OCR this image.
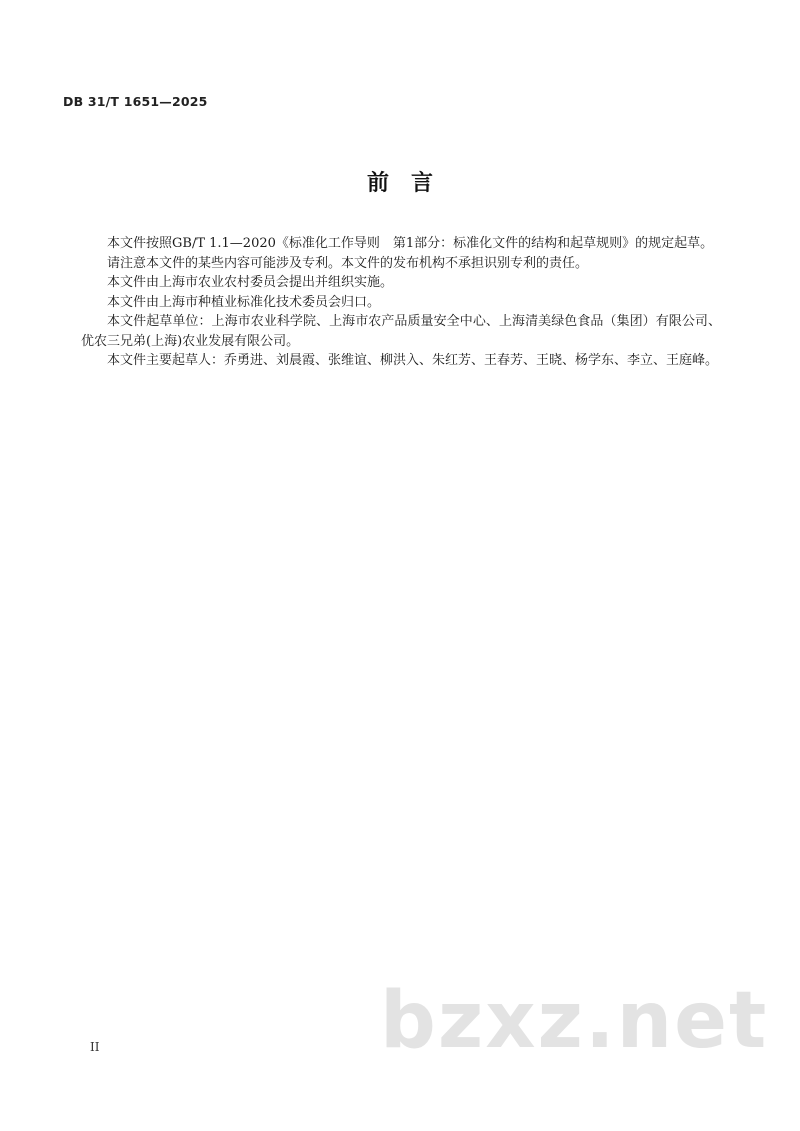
DB 31/T 1651—2025
前言

本文件按照GB/T 1.1—2020《标准化工作导则　第1部分：标准化文件的结构和起草规则》的规定起草。

请注意本文件的某些内容可能涉及专利。本文件的发布机构不承担识别专利的责任。

本文件由上海市农业农村委员会提出并组织实施。

本文件由上海市种植业标准化技术委员会归口。

本文件起草单位：上海市农业科学院、上海市农产品质量安全中心、上海清美绿色食品（集团）有限公司、优农三兄弟(上海)农业发展有限公司。

本文件主要起草人：乔勇进、刘晨霞、张维谊、柳洪入、朱红芳、王春芳、王晓、杨学东、李立、王庭峰。

II	bzxz.net
